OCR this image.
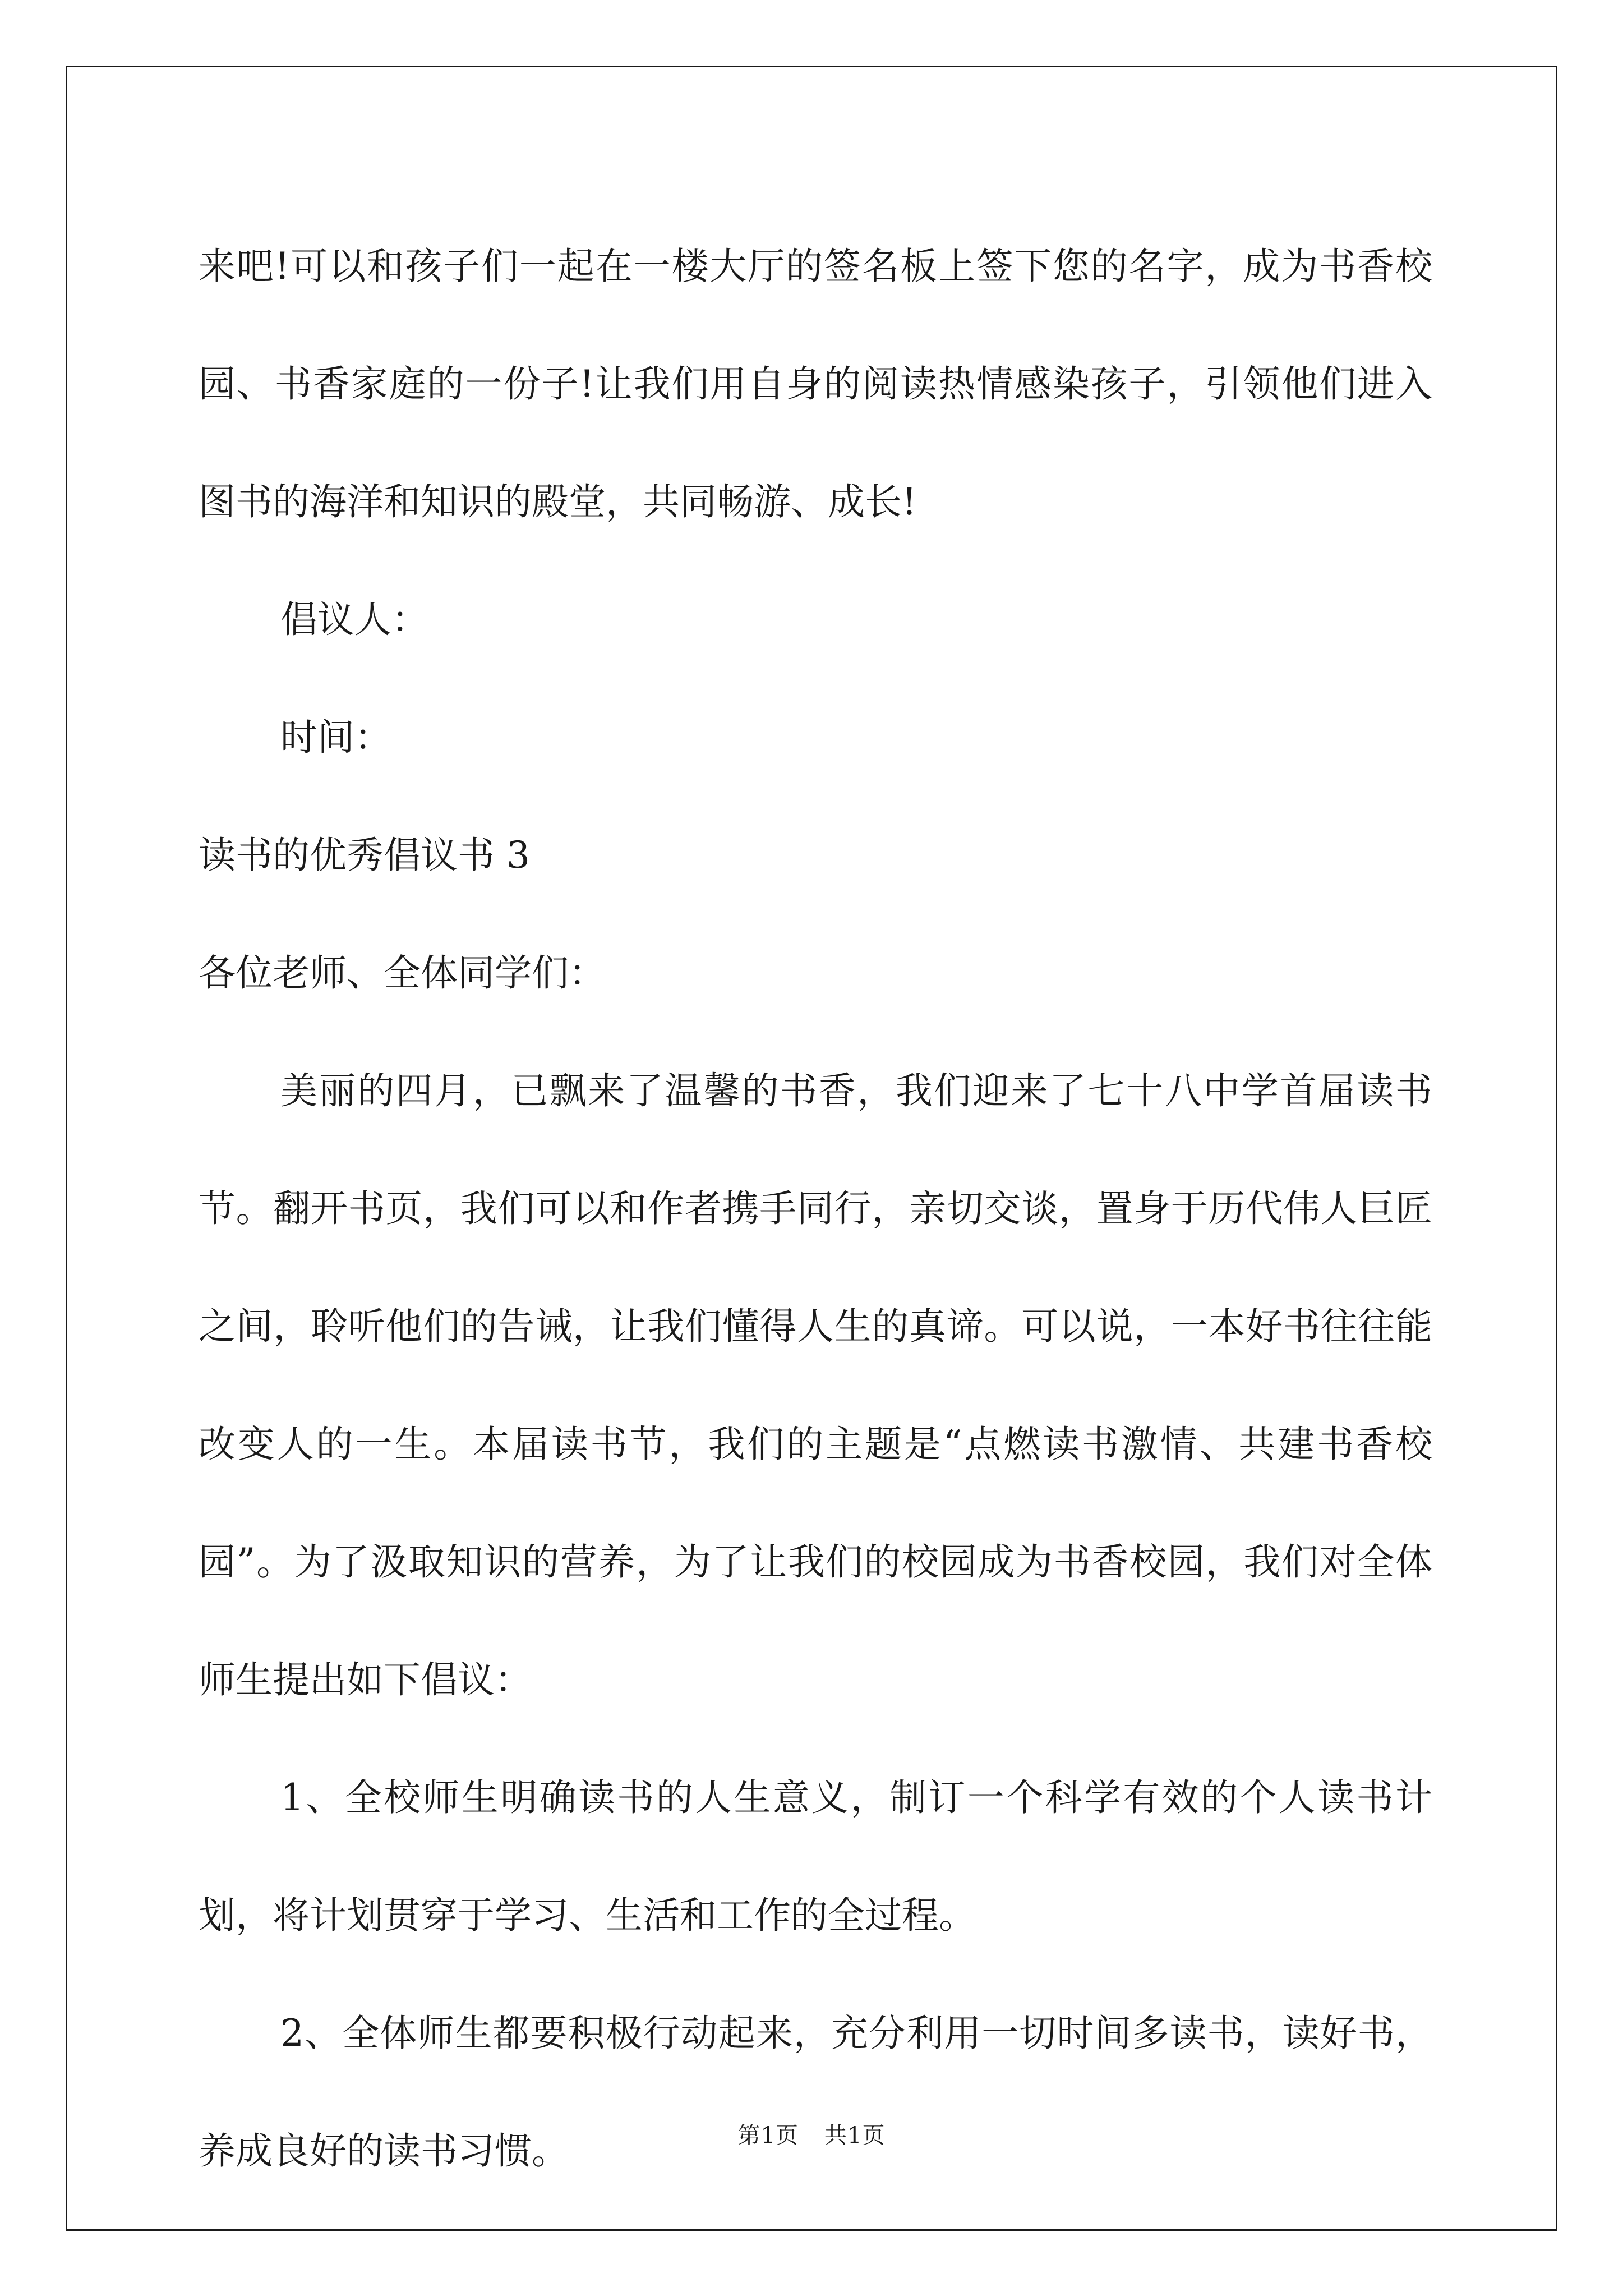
来吧!可以和孩子们一起在一楼大厅的签名板上签下您的名字，成为书香校园、书香家庭的一份子!让我们用自身的阅读热情感染孩子，引领他们进入图书的海洋和知识的殿堂，共同畅游、成长!

倡议人：

时间：

读书的优秀倡议书 3

各位老师、全体同学们：

美丽的四月，已飘来了温馨的书香，我们迎来了七十八中学首届读书节。翻开书页，我们可以和作者携手同行，亲切交谈，置身于历代伟人巨匠之间，聆听他们的告诫，让我们懂得人生的真谛。可以说，一本好书往往能改变人的一生。本届读书节，我们的主题是“点燃读书激情、共建书香校园”。为了汲取知识的营养，为了让我们的校园成为书香校园，我们对全体师生提出如下倡议：

1、全校师生明确读书的人生意义，制订一个科学有效的个人读书计划，将计划贯穿于学习、生活和工作的全过程。

2、全体师生都要积极行动起来，充分利用一切时间多读书，读好书，养成良好的读书习惯。	第1页 共1页
